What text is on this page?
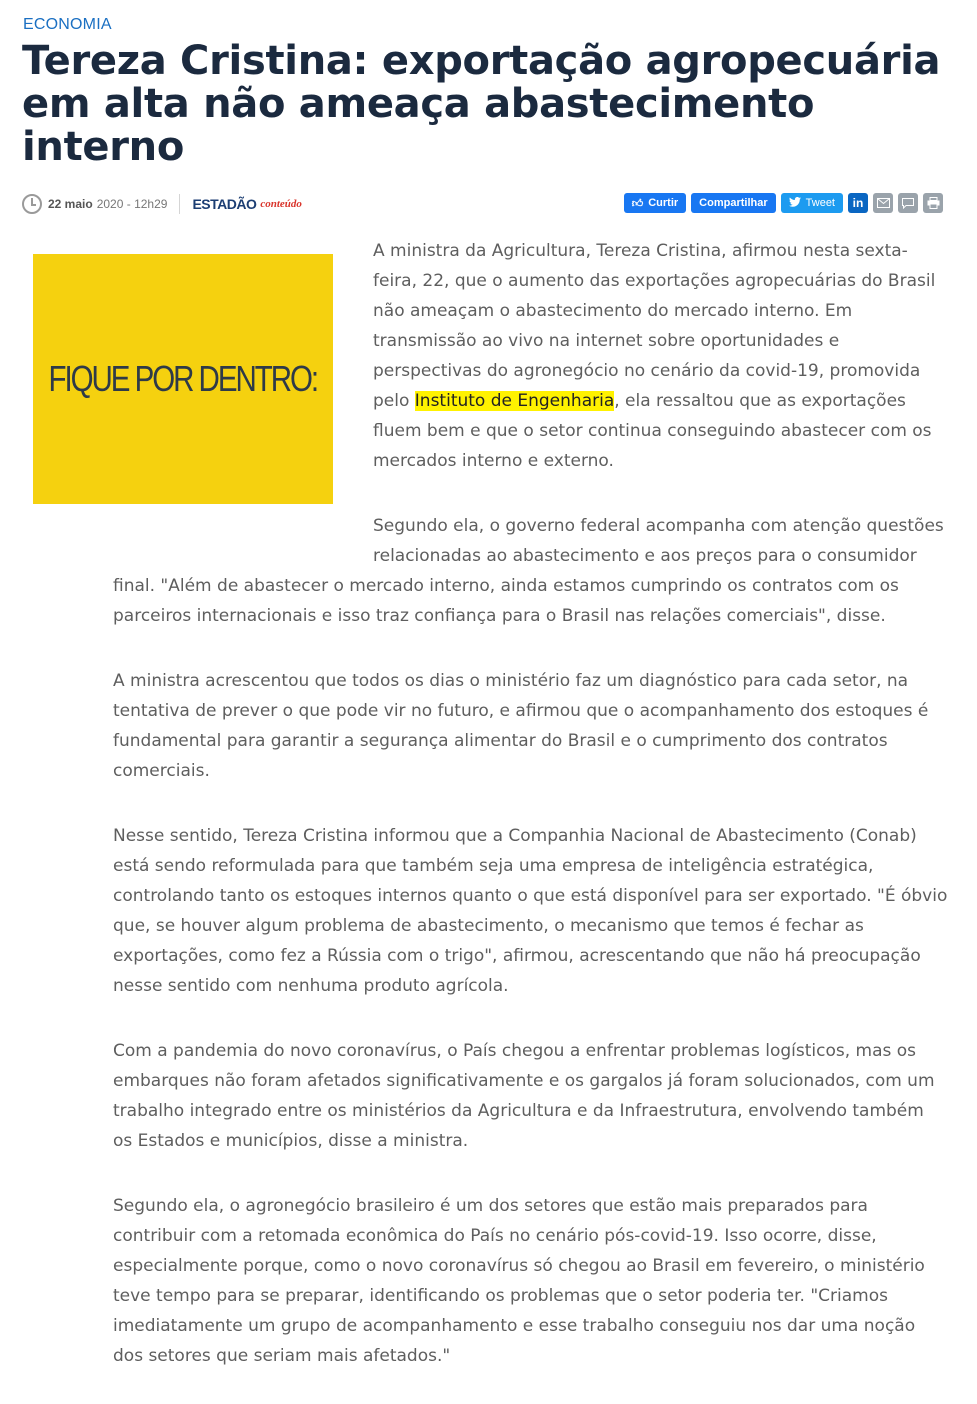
ECONOMIA
Tereza Cristina: exportação agropecuária em alta não ameaça abastecimento interno
22 maio 2020 - 12h29 ESTADÃO conteúdo	👍︎ Curtir Compartilhar	Tweet	in
FIQUE POR DENTRO:

A ministra da Agricultura, Tereza Cristina, afirmou nesta sexta-feira, 22, que o aumento das exportações agropecuárias do Brasil não ameaçam o abastecimento do mercado interno. Em transmissão ao vivo na internet sobre oportunidades e perspectivas do agronegócio no cenário da covid-19, promovida pelo Instituto de Engenharia, ela ressaltou que as exportações fluem bem e que o setor continua conseguindo abastecer com os mercados interno e externo.

Segundo ela, o governo federal acompanha com atenção questões relacionadas ao abastecimento e aos preços para o consumidor

final. "Além de abastecer o mercado interno, ainda estamos cumprindo os contratos com os parceiros internacionais e isso traz confiança para o Brasil nas relações comerciais", disse.

A ministra acrescentou que todos os dias o ministério faz um diagnóstico para cada setor, na tentativa de prever o que pode vir no futuro, e afirmou que o acompanhamento dos estoques é fundamental para garantir a segurança alimentar do Brasil e o cumprimento dos contratos comerciais.

Nesse sentido, Tereza Cristina informou que a Companhia Nacional de Abastecimento (Conab) está sendo reformulada para que também seja uma empresa de inteligência estratégica, controlando tanto os estoques internos quanto o que está disponível para ser exportado. "É óbvio que, se houver algum problema de abastecimento, o mecanismo que temos é fechar as exportações, como fez a Rússia com o trigo", afirmou, acrescentando que não há preocupação nesse sentido com nenhuma produto agrícola.

Com a pandemia do novo coronavírus, o País chegou a enfrentar problemas logísticos, mas os embarques não foram afetados significativamente e os gargalos já foram solucionados, com um trabalho integrado entre os ministérios da Agricultura e da Infraestrutura, envolvendo também os Estados e municípios, disse a ministra.

Segundo ela, o agronegócio brasileiro é um dos setores que estão mais preparados para contribuir com a retomada econômica do País no cenário pós-covid-19. Isso ocorre, disse, especialmente porque, como o novo coronavírus só chegou ao Brasil em fevereiro, o ministério teve tempo para se preparar, identificando os problemas que o setor poderia ter. "Criamos imediatamente um grupo de acompanhamento e esse trabalho conseguiu nos dar uma noção dos setores que seriam mais afetados."
